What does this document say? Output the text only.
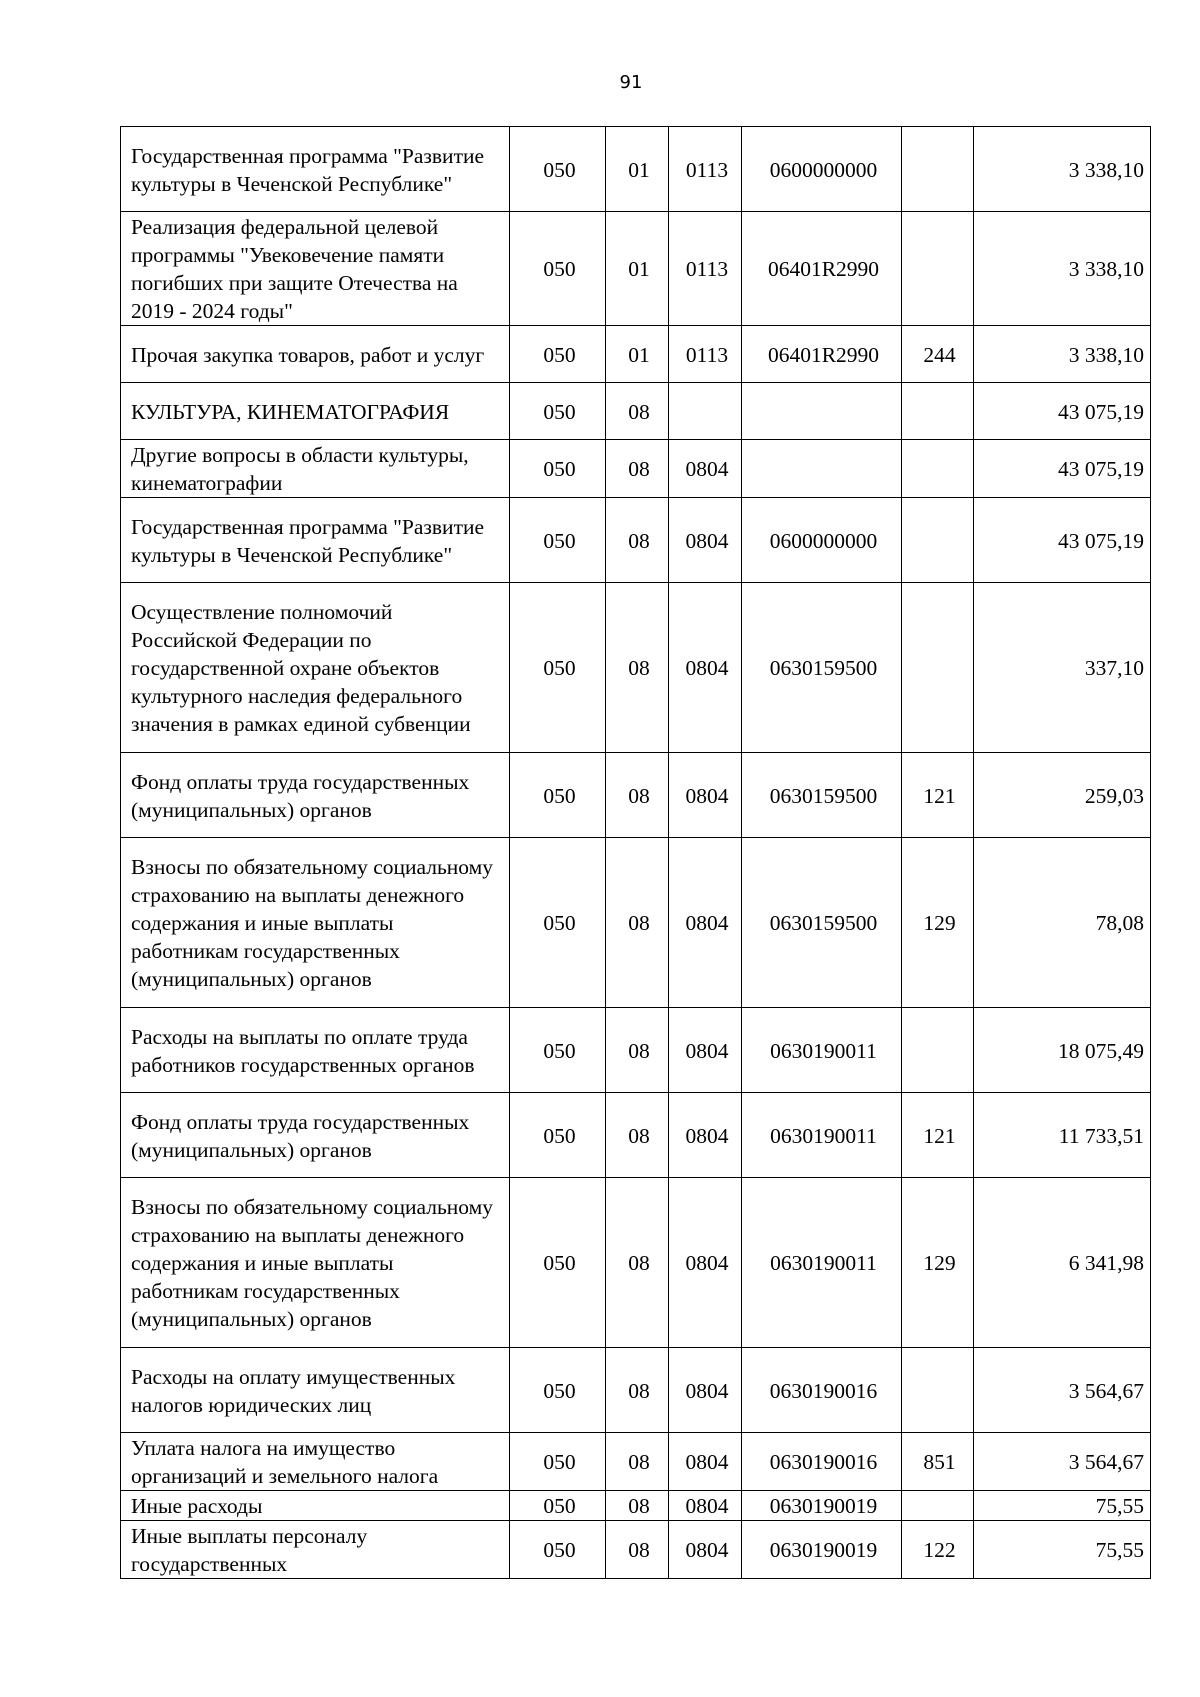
91
Государственная программа "Развитие культуры в Чеченской Республике"	050	01	0113	0600000000		3 338,10
Реализация федеральной целевой программы "Увековечение памяти погибших при защите Отечества на 2019 - 2024 годы"	050	01	0113	06401R2990		3 338,10
Прочая закупка товаров, работ и услуг	050	01	0113	06401R2990	244	3 338,10
КУЛЬТУРА, КИНЕМАТОГРАФИЯ	050	08				43 075,19
Другие вопросы в области культуры, кинематографии	050	08	0804			43 075,19
Государственная программа "Развитие культуры в Чеченской Республике"	050	08	0804	0600000000		43 075,19
Осуществление полномочий Российской Федерации по государственной охране объектов культурного наследия федерального значения в рамках единой субвенции	050	08	0804	0630159500		337,10
Фонд оплаты труда государственных (муниципальных) органов	050	08	0804	0630159500	121	259,03
Взносы по обязательному социальному страхованию на выплаты денежного содержания и иные выплаты работникам государственных (муниципальных) органов	050	08	0804	0630159500	129	78,08
Расходы на выплаты по оплате труда работников государственных органов	050	08	0804	0630190011		18 075,49
Фонд оплаты труда государственных (муниципальных) органов	050	08	0804	0630190011	121	11 733,51
Взносы по обязательному социальному страхованию на выплаты денежного содержания и иные выплаты работникам государственных (муниципальных) органов	050	08	0804	0630190011	129	6 341,98
Расходы на оплату имущественных налогов юридических лиц	050	08	0804	0630190016		3 564,67
Уплата налога на имущество организаций и земельного налога	050	08	0804	0630190016	851	3 564,67
Иные расходы	050	08	0804	0630190019		75,55
Иные выплаты персоналу государственных	050	08	0804	0630190019	122	75,55
